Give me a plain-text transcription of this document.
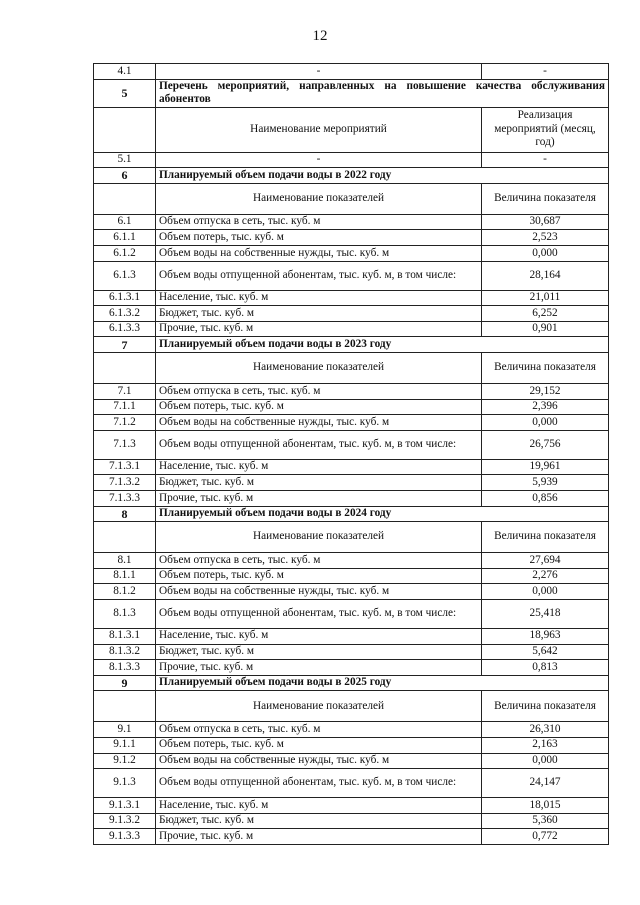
12
4.1	-	-
5	Перечень мероприятий, направленных на повышение качества обслуживания абонентов	
	Наименование мероприятий	Реализация мероприятий (месяц, год)
5.1	-	-
6	Планируемый объем подачи воды в 2022 году	
	Наименование показателей	Величина показателя
6.1	Объем отпуска в сеть, тыс. куб. м	30,687
6.1.1	Объем потерь, тыс. куб. м	2,523
6.1.2	Объем воды на собственные нужды, тыс. куб. м	0,000
6.1.3	Объем воды отпущенной абонентам, тыс. куб. м, в том числе:	28,164
6.1.3.1	Население, тыс. куб. м	21,011
6.1.3.2	Бюджет, тыс. куб. м	6,252
6.1.3.3	Прочие, тыс. куб. м	0,901
7	Планируемый объем подачи воды в 2023 году	
	Наименование показателей	Величина показателя
7.1	Объем отпуска в сеть, тыс. куб. м	29,152
7.1.1	Объем потерь, тыс. куб. м	2,396
7.1.2	Объем воды на собственные нужды, тыс. куб. м	0,000
7.1.3	Объем воды отпущенной абонентам, тыс. куб. м, в том числе:	26,756
7.1.3.1	Население, тыс. куб. м	19,961
7.1.3.2	Бюджет, тыс. куб. м	5,939
7.1.3.3	Прочие, тыс. куб. м	0,856
8	Планируемый объем подачи воды в 2024 году	
	Наименование показателей	Величина показателя
8.1	Объем отпуска в сеть, тыс. куб. м	27,694
8.1.1	Объем потерь, тыс. куб. м	2,276
8.1.2	Объем воды на собственные нужды, тыс. куб. м	0,000
8.1.3	Объем воды отпущенной абонентам, тыс. куб. м, в том числе:	25,418
8.1.3.1	Население, тыс. куб. м	18,963
8.1.3.2	Бюджет, тыс. куб. м	5,642
8.1.3.3	Прочие, тыс. куб. м	0,813
9	Планируемый объем подачи воды в 2025 году	
	Наименование показателей	Величина показателя
9.1	Объем отпуска в сеть, тыс. куб. м	26,310
9.1.1	Объем потерь, тыс. куб. м	2,163
9.1.2	Объем воды на собственные нужды, тыс. куб. м	0,000
9.1.3	Объем воды отпущенной абонентам, тыс. куб. м, в том числе:	24,147
9.1.3.1	Население, тыс. куб. м	18,015
9.1.3.2	Бюджет, тыс. куб. м	5,360
9.1.3.3	Прочие, тыс. куб. м	0,772
